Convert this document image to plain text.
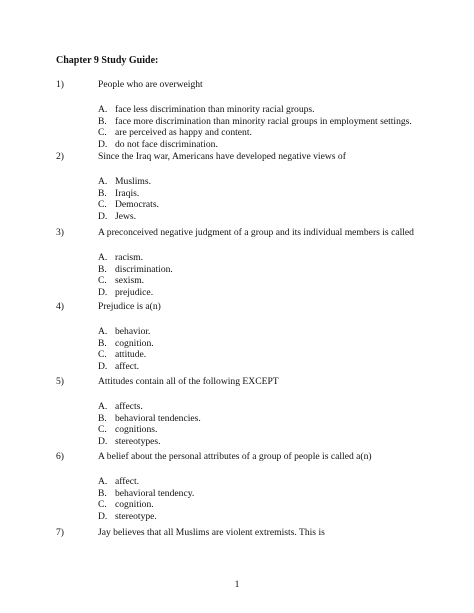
Chapter 9 Study Guide:
1)	People who are overweight
A. face less discrimination than minority racial groups.
B. face more discrimination than minority racial groups in employment settings.
C. are perceived as happy and content.
D. do not face discrimination.
2)	Since the Iraq war, Americans have developed negative views of
A. Muslims.
B. Iraqis.
C. Democrats.
D. Jews.
3)	A preconceived negative judgment of a group and its individual members is called
A. racism.
B. discrimination.
C. sexism.
D. prejudice.
4)	Prejudice is a(n)
A. behavior.
B. cognition.
C. attitude.
D. affect.
5)	Attitudes contain all of the following EXCEPT
A. affects.
B. behavioral tendencies.
C. cognitions.
D. stereotypes.
6)	A belief about the personal attributes of a group of people is called a(n)
A. affect.
B. behavioral tendency.
C. cognition.
D. stereotype.
7)	Jay believes that all Muslims are violent extremists. This is
1
